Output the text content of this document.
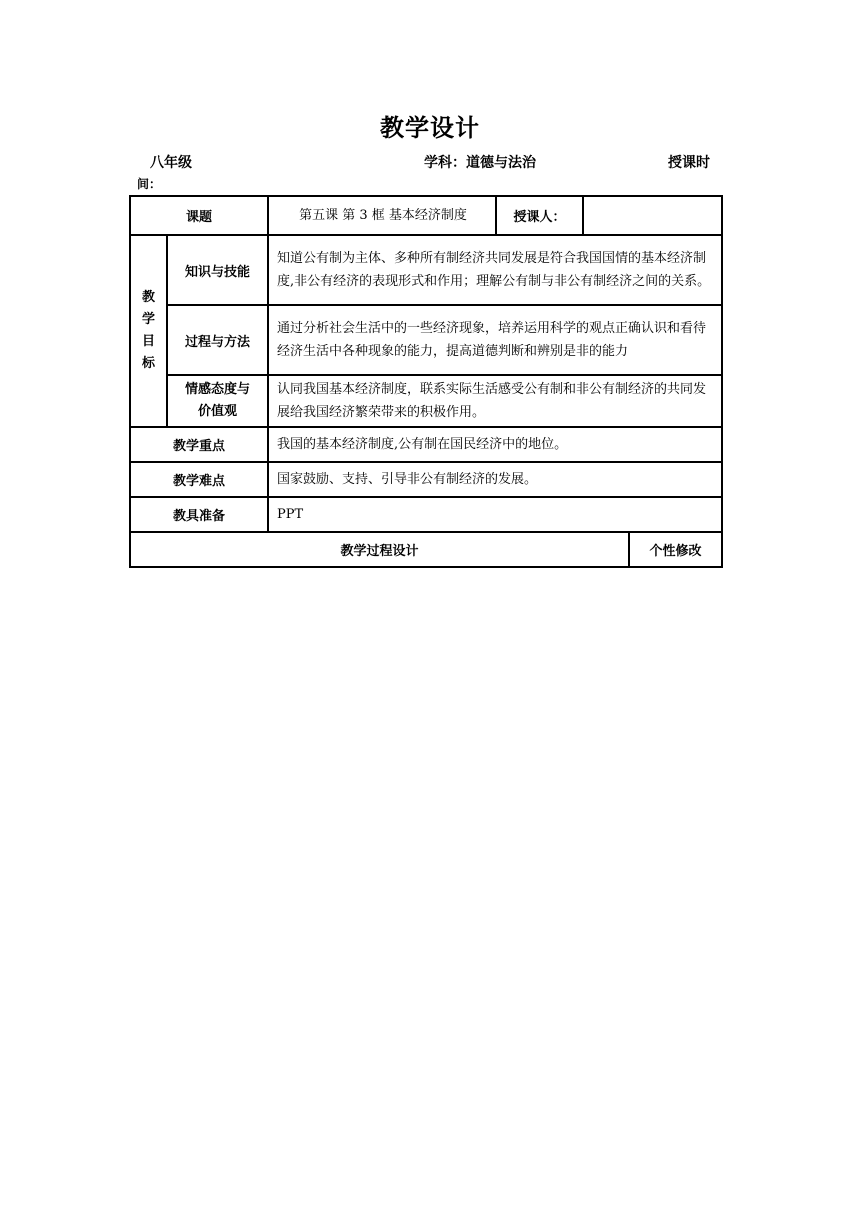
教学设计
八年级	学科：道德与法治	授课时
间：
课题		第五课 第 3 框 基本经济制度	授课人：		

教
学
目
标	知识与技能	知道公有制为主体、多种所有制经济共同发展是符合我国国情的基本经济制度,非公有经济的表现形式和作用；理解公有制与非公有制经济之间的关系。			
	过程与方法	通过分析社会生活中的一些经济现象，培养运用科学的观点正确认识和看待经济生活中各种现象的能力，提高道德判断和辨别是非的能力			

	情感态度与
价值观	认同我国基本经济制度，联系实际生活感受公有制和非公有制经济的共同发展给我国经济繁荣带来的积极作用。			
教学重点		我国的基本经济制度,公有制在国民经济中的地位。			
教学难点		国家鼓励、支持、引导非公有制经济的发展。			
教具准备		PPT			
教学过程设计					个性修改
